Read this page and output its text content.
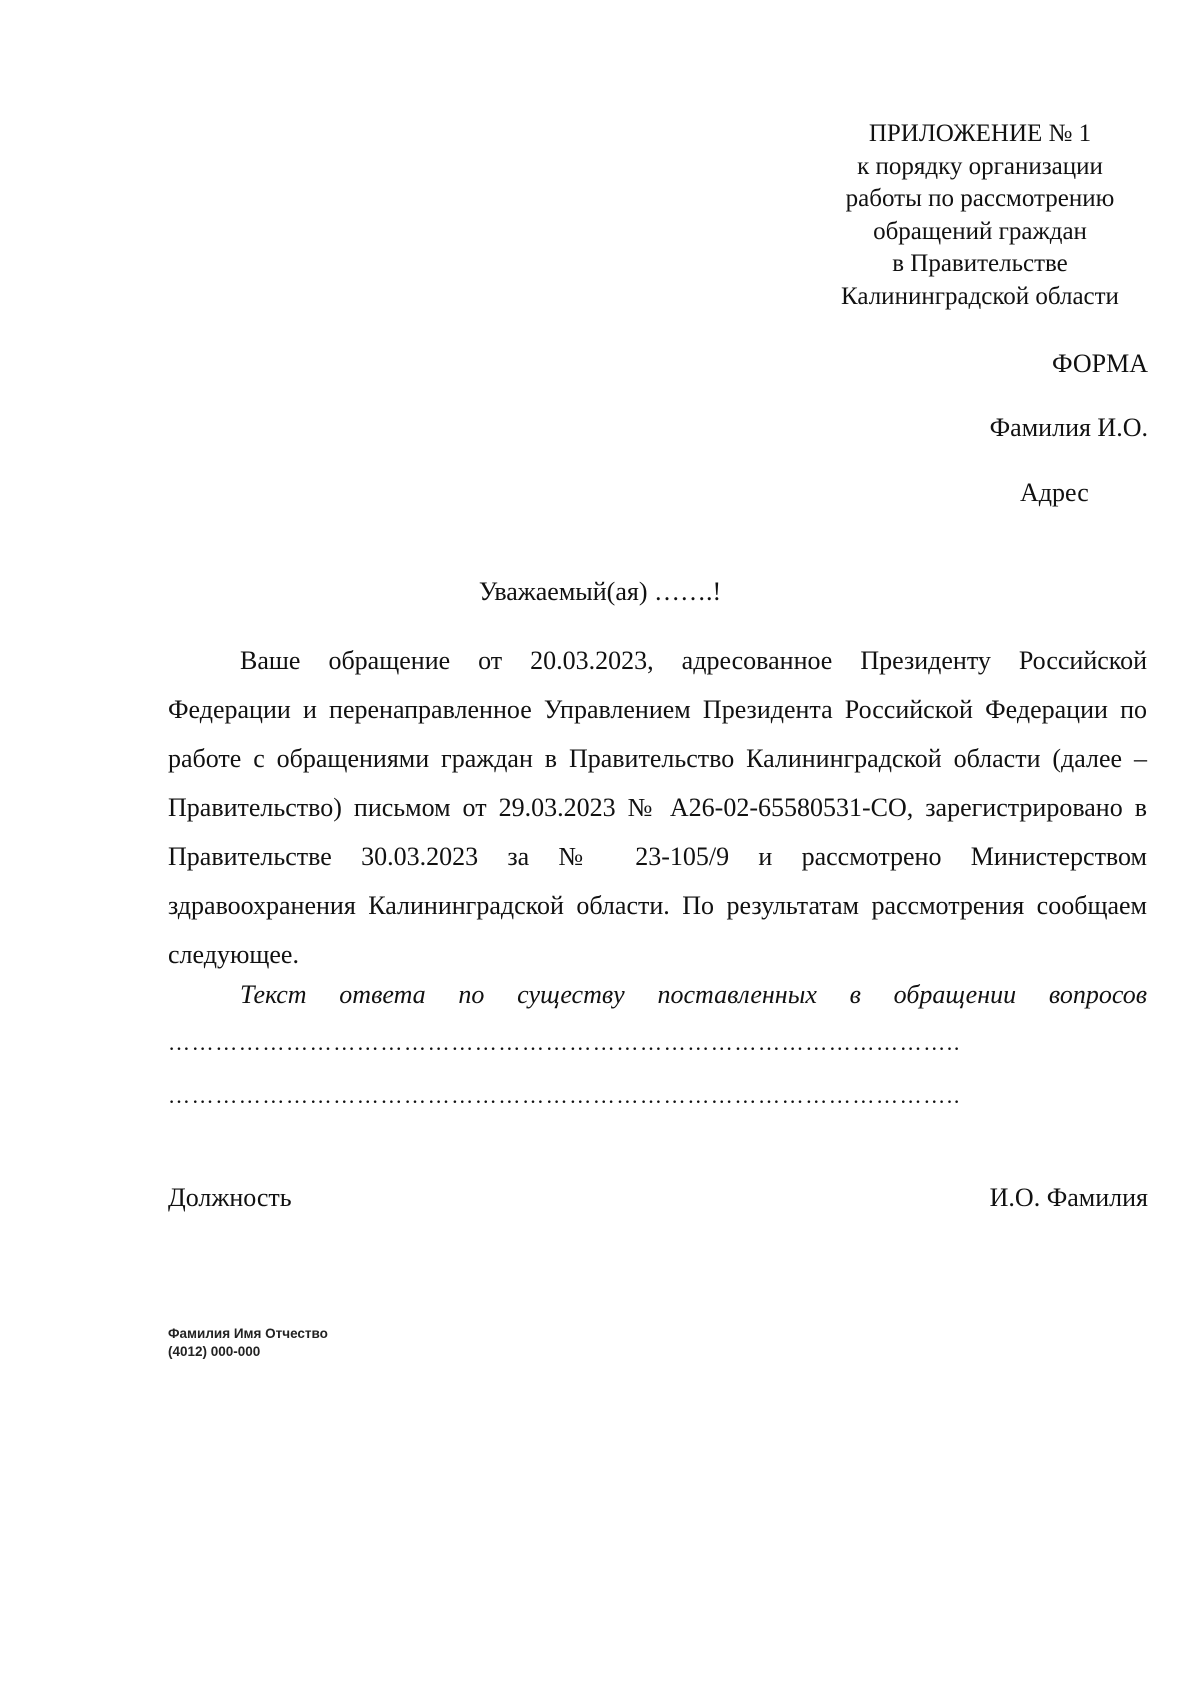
ПРИЛОЖЕНИЕ № 1
к порядку организации
работы по рассмотрению
обращений граждан
в Правительстве
Калининградской области
ФОРМА
Фамилия И.О.
Адрес
Уважаемый(ая) …….!

Ваше обращение от 20.03.2023, адресованное Президенту Российской Федерации и перенаправленное Управлением Президента Российской Федерации по работе с обращениями граждан в Правительство Калининградской области (далее – Правительство) письмом от 29.03.2023 № А26-02-65580531-СО, зарегистрировано в Правительстве 30.03.2023 за № 23-105/9 и рассмотрено Министерством здравоохранения Калининградской области. По результатам рассмотрения сообщаем следующее.

Текст ответа по существу поставленных в обращении вопросов
………………………………………………………………………………………..
………………………………………………………………………………………..
Должность	И.О. Фамилия
Фамилия Имя Отчество
(4012) 000-000
